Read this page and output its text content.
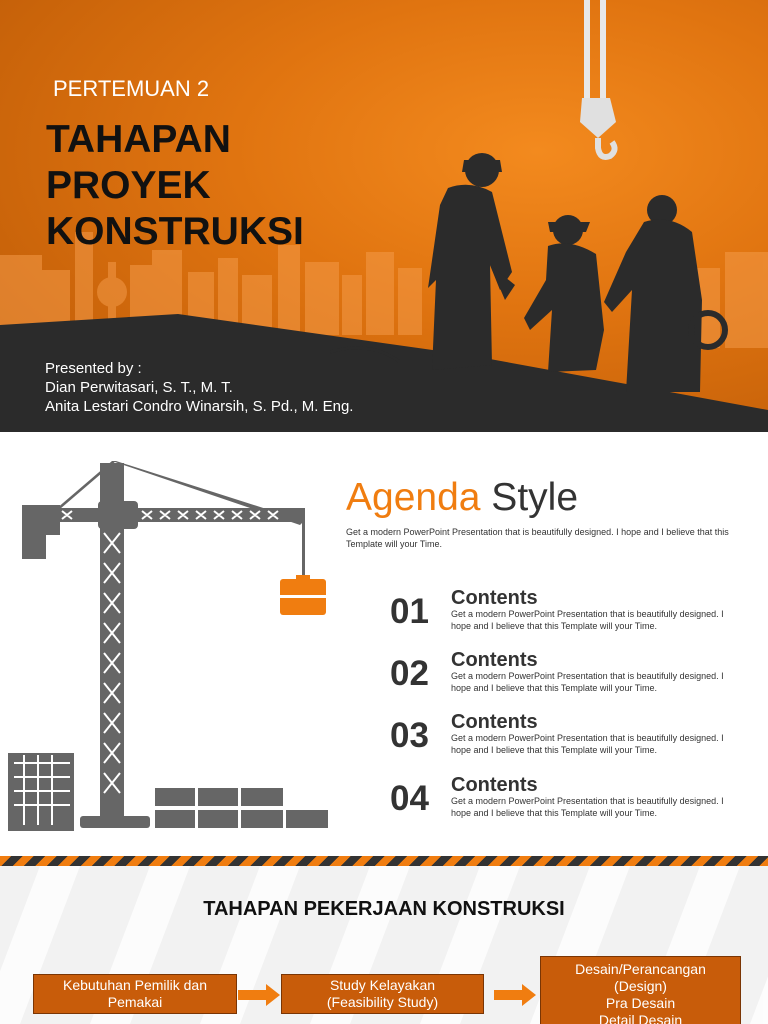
PERTEMUAN 2
TAHAPAN
PROYEK
KONSTRUKSI
Presented by :
Dian Perwitasari, S. T., M. T.
Anita Lestari Condro Winarsih, S. Pd., M. Eng.
Agenda Style
Get a modern PowerPoint Presentation that is beautifully designed. I hope and I believe that this Template will your Time.
01 Contents
Get a modern PowerPoint Presentation that is beautifully designed. I hope and I believe that this Template will your Time.
02 Contents
Get a modern PowerPoint Presentation that is beautifully designed. I hope and I believe that this Template will your Time.
03 Contents
Get a modern PowerPoint Presentation that is beautifully designed. I hope and I believe that this Template will your Time.
04 Contents
Get a modern PowerPoint Presentation that is beautifully designed. I hope and I believe that this Template will your Time.
TAHAPAN PEKERJAAN KONSTRUKSI
Kebutuhan Pemilik dan
Pemakai
Study Kelayakan
(Feasibility Study)
Desain/Perancangan
(Design)
Pra Desain
Detail Desain
